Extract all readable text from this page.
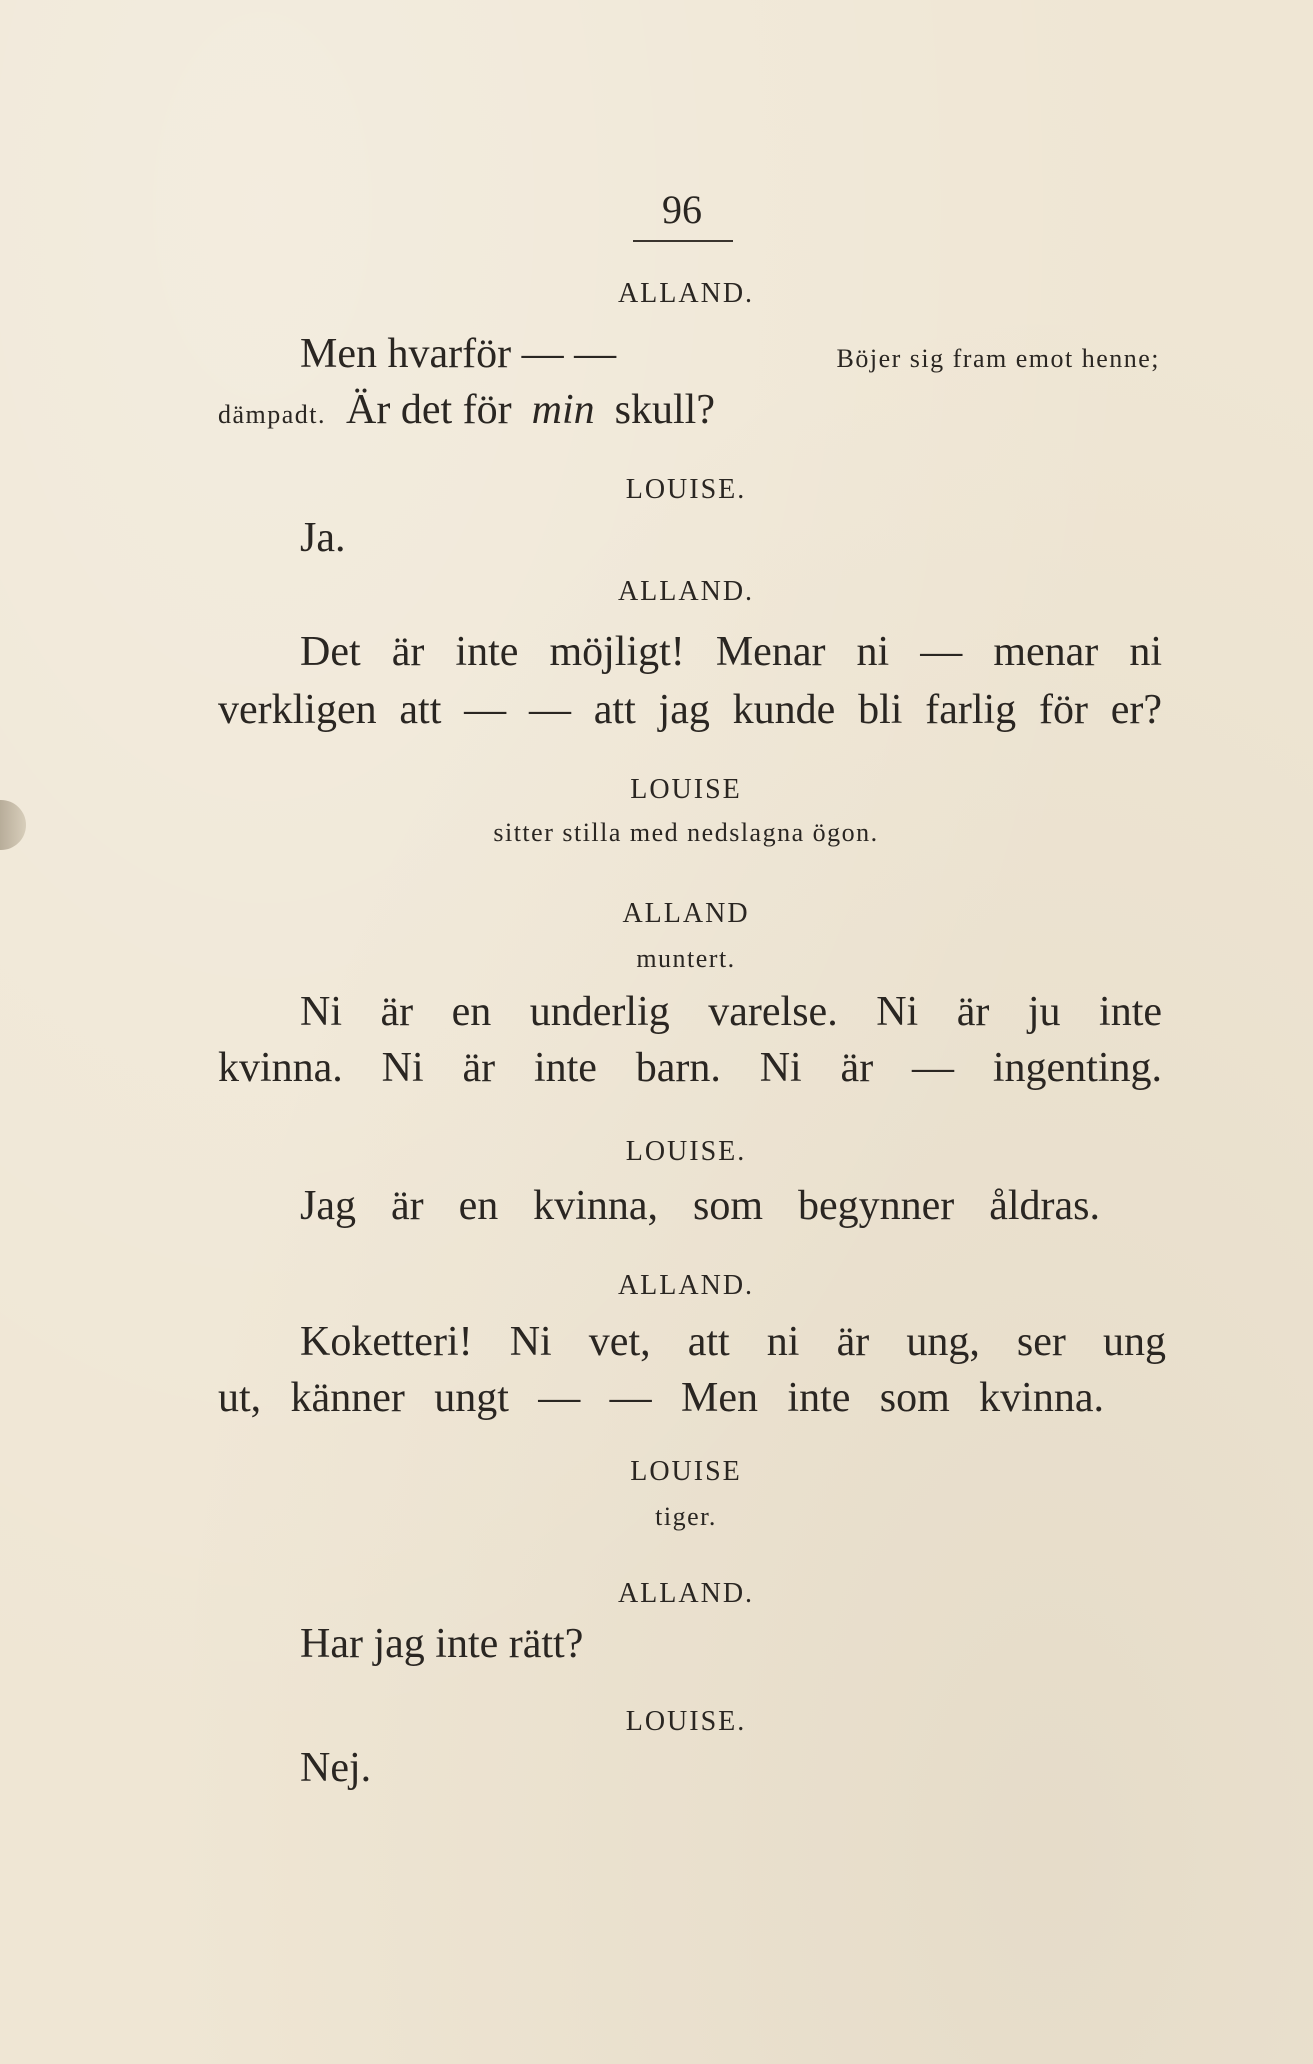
96
ALLAND.
Men hvarför — —	Böjer sig fram emot henne;
dämpadt. Är det för min skull?
LOUISE.
Ja.
ALLAND.
Det är inte möjligt! Menar ni — menar ni
verkligen att — — att jag kunde bli farlig för er?
LOUISE
sitter stilla med nedslagna ögon.
ALLAND
muntert.
Ni är en underlig varelse. Ni är ju inte
kvinna. Ni är inte barn. Ni är — ingenting.
LOUISE.
Jag är en kvinna, som begynner åldras.
ALLAND.
Koketteri! Ni vet, att ni är ung, ser ung
ut, känner ungt — — Men inte som kvinna.
LOUISE
tiger.
ALLAND.
Har jag inte rätt?
LOUISE.
Nej.
